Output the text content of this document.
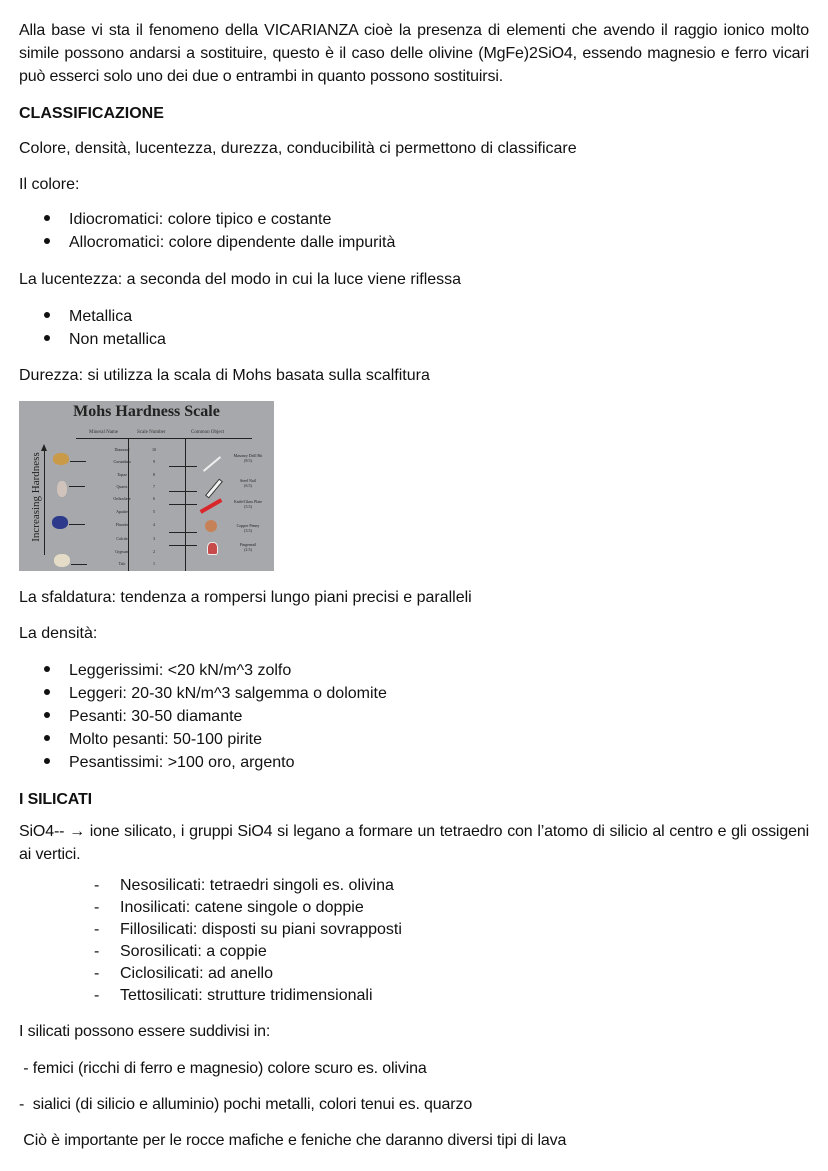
Alla base vi sta il fenomeno della VICARIANZA cioè la presenza di elementi che avendo il raggio ionico molto simile possono andarsi a sostituire, questo è il caso delle olivine (MgFe)2SiO4, essendo magnesio e ferro vicari può esserci solo uno dei due o entrambi in quanto possono sostituirsi.
CLASSIFICAZIONE
Colore, densità, lucentezza, durezza, conducibilità ci permettono di classificare
Il colore:
Idiocromatici: colore tipico e costante
Allocromatici: colore dipendente dalle impurità
La lucentezza: a seconda del modo in cui la luce viene riflessa
Metallica
Non metallica
Durezza: si utilizza la scala di Mohs basata sulla scalfitura
Mohs Hardness Scale
Mineral Name	Scale Number	Common Object
Increasing Hardness
Diamond
Corundum
Topaz
Quartz
Orthoclase
Apatite
Fluorite
Calcite
Gypsum
Talc
10
9
8
7
6
5
4
3
2
1
Masonry Drill Bit
(8.5)
Steel Nail
(6.5)
Knife/Glass Plate
(5.5)
Copper Penny
(3.5)
Fingernail
(2.5)
La sfaldatura: tendenza a rompersi lungo piani precisi e paralleli
La densità:
Leggerissimi: <20 kN/m^3 zolfo
Leggeri: 20-30 kN/m^3 salgemma o dolomite
Pesanti: 30-50 diamante
Molto pesanti: 50-100 pirite
Pesantissimi: >100 oro, argento
I SILICATI
SiO4-- → ione silicato, i gruppi SiO4 si legano a formare un tetraedro con l’atomo di silicio al centro e gli ossigeni ai vertici.
- Nesosilicati: tetraedri singoli es. olivina
- Inosilicati: catene singole o doppie
- Fillosilicati: disposti su piani sovrapposti
- Sorosilicati: a coppie
- Ciclosilicati: ad anello
- Tettosilicati: strutture tridimensionali
I silicati possono essere suddivisi in:
- femici (ricchi di ferro e magnesio) colore scuro es. olivina
-  sialici (di silicio e alluminio) pochi metalli, colori tenui es. quarzo
Ciò è importante per le rocce mafiche e feniche che daranno diversi tipi di lava
